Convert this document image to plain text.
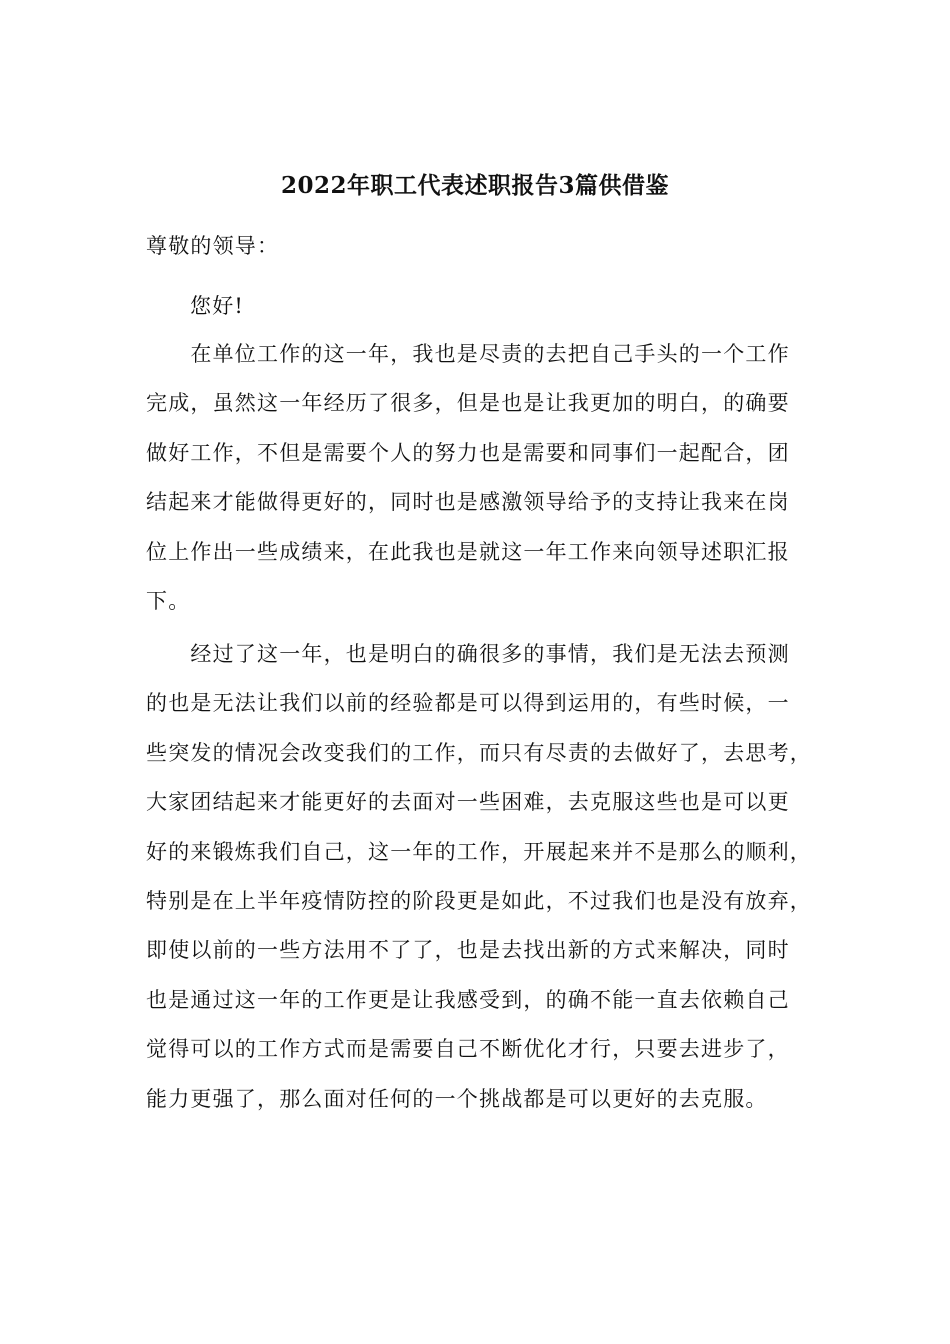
2022年职工代表述职报告3篇供借鉴
尊敬的领导：
您好!
　　在单位工作的这一年，我也是尽责的去把自己手头的一个工作
完成，虽然这一年经历了很多，但是也是让我更加的明白，的确要
做好工作，不但是需要个人的努力也是需要和同事们一起配合，团
结起来才能做得更好的，同时也是感激领导给予的支持让我来在岗
位上作出一些成绩来，在此我也是就这一年工作来向领导述职汇报
下。
　　经过了这一年，也是明白的确很多的事情，我们是无法去预测
的也是无法让我们以前的经验都是可以得到运用的，有些时候，一
些突发的情况会改变我们的工作，而只有尽责的去做好了，去思考，
大家团结起来才能更好的去面对一些困难，去克服这些也是可以更
好的来锻炼我们自己，这一年的工作，开展起来并不是那么的顺利，
特别是在上半年疫情防控的阶段更是如此，不过我们也是没有放弃，
即使以前的一些方法用不了了，也是去找出新的方式来解决，同时
也是通过这一年的工作更是让我感受到，的确不能一直去依赖自己
觉得可以的工作方式而是需要自己不断优化才行，只要去进步了，
能力更强了，那么面对任何的一个挑战都是可以更好的去克服。
